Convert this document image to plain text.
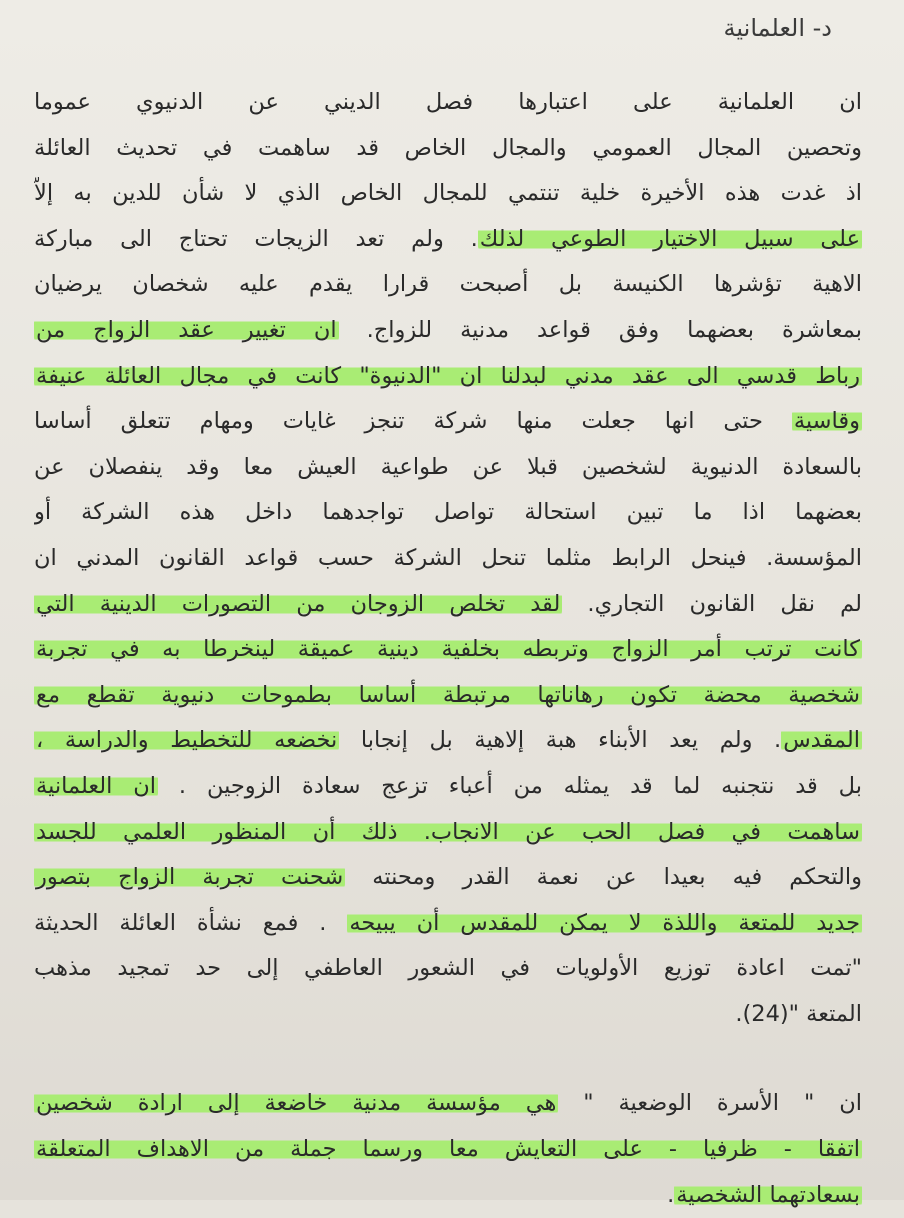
د- العلمانية
ان العلمانية على اعتبارها فصل الديني عن الدنيوي عموما
وتحصين المجال العمومي والمجال الخاص قد ساهمت في تحديث العائلة
اذ غدت هذه الأخيرة خلية تنتمي للمجال الخاص الذي لا شأن للدين به إلاّ
على سبيل الاختيار الطوعي لذلك. ولم تعد الزيجات تحتاج الى مباركة
الاهية تؤشرها الكنيسة بل أصبحت قرارا يقدم عليه شخصان يرضيان
بمعاشرة بعضهما وفق قواعد مدنية للزواج. ان تغيير عقد الزواج من
رباط قدسي الى عقد مدني لبدلنا ان "الدنيوة" كانت في مجال العائلة عنيفة
وقاسية حتى انها جعلت منها شركة تنجز غايات ومهام تتعلق أساسا
بالسعادة الدنيوية لشخصين قبلا عن طواعية العيش معا وقد ينفصلان عن
بعضهما اذا ما تبين استحالة تواصل تواجدهما داخل هذه الشركة أو
المؤسسة. فينحل الرابط مثلما تنحل الشركة حسب قواعد القانون المدني ان
لم نقل القانون التجاري. لقد تخلص الزوجان من التصورات الدينية التي
كانت ترتب أمر الزواج وتربطه بخلفية دينية عميقة لينخرطا به في تجربة
شخصية محضة تكون رهاناتها مرتبطة أساسا بطموحات دنيوية تقطع مع
المقدس. ولم يعد الأبناء هبة إلاهية بل إنجابا نخضعه للتخطيط والدراسة ،
بل قد نتجنبه لما قد يمثله من أعباء تزعج سعادة الزوجين . ان العلمانية
ساهمت في فصل الحب عن الانجاب. ذلك أن المنظور العلمي للجسد
والتحكم فيه بعيدا عن نعمة القدر ومحنته شحنت تجربة الزواج بتصور
جديد للمتعة واللذة لا يمكن للمقدس أن يبيحه . فمع نشأة العائلة الحديثة
"تمت اعادة توزيع الأولويات في الشعور العاطفي إلى حد تمجيد مذهب
المتعة "(24).
ان " الأسرة الوضعية " هي مؤسسة مدنية خاضعة إلى ارادة شخصين
اتفقا - ظرفيا - على التعايش معا ورسما جملة من الاهداف المتعلقة
بسعادتهما الشخصية.
